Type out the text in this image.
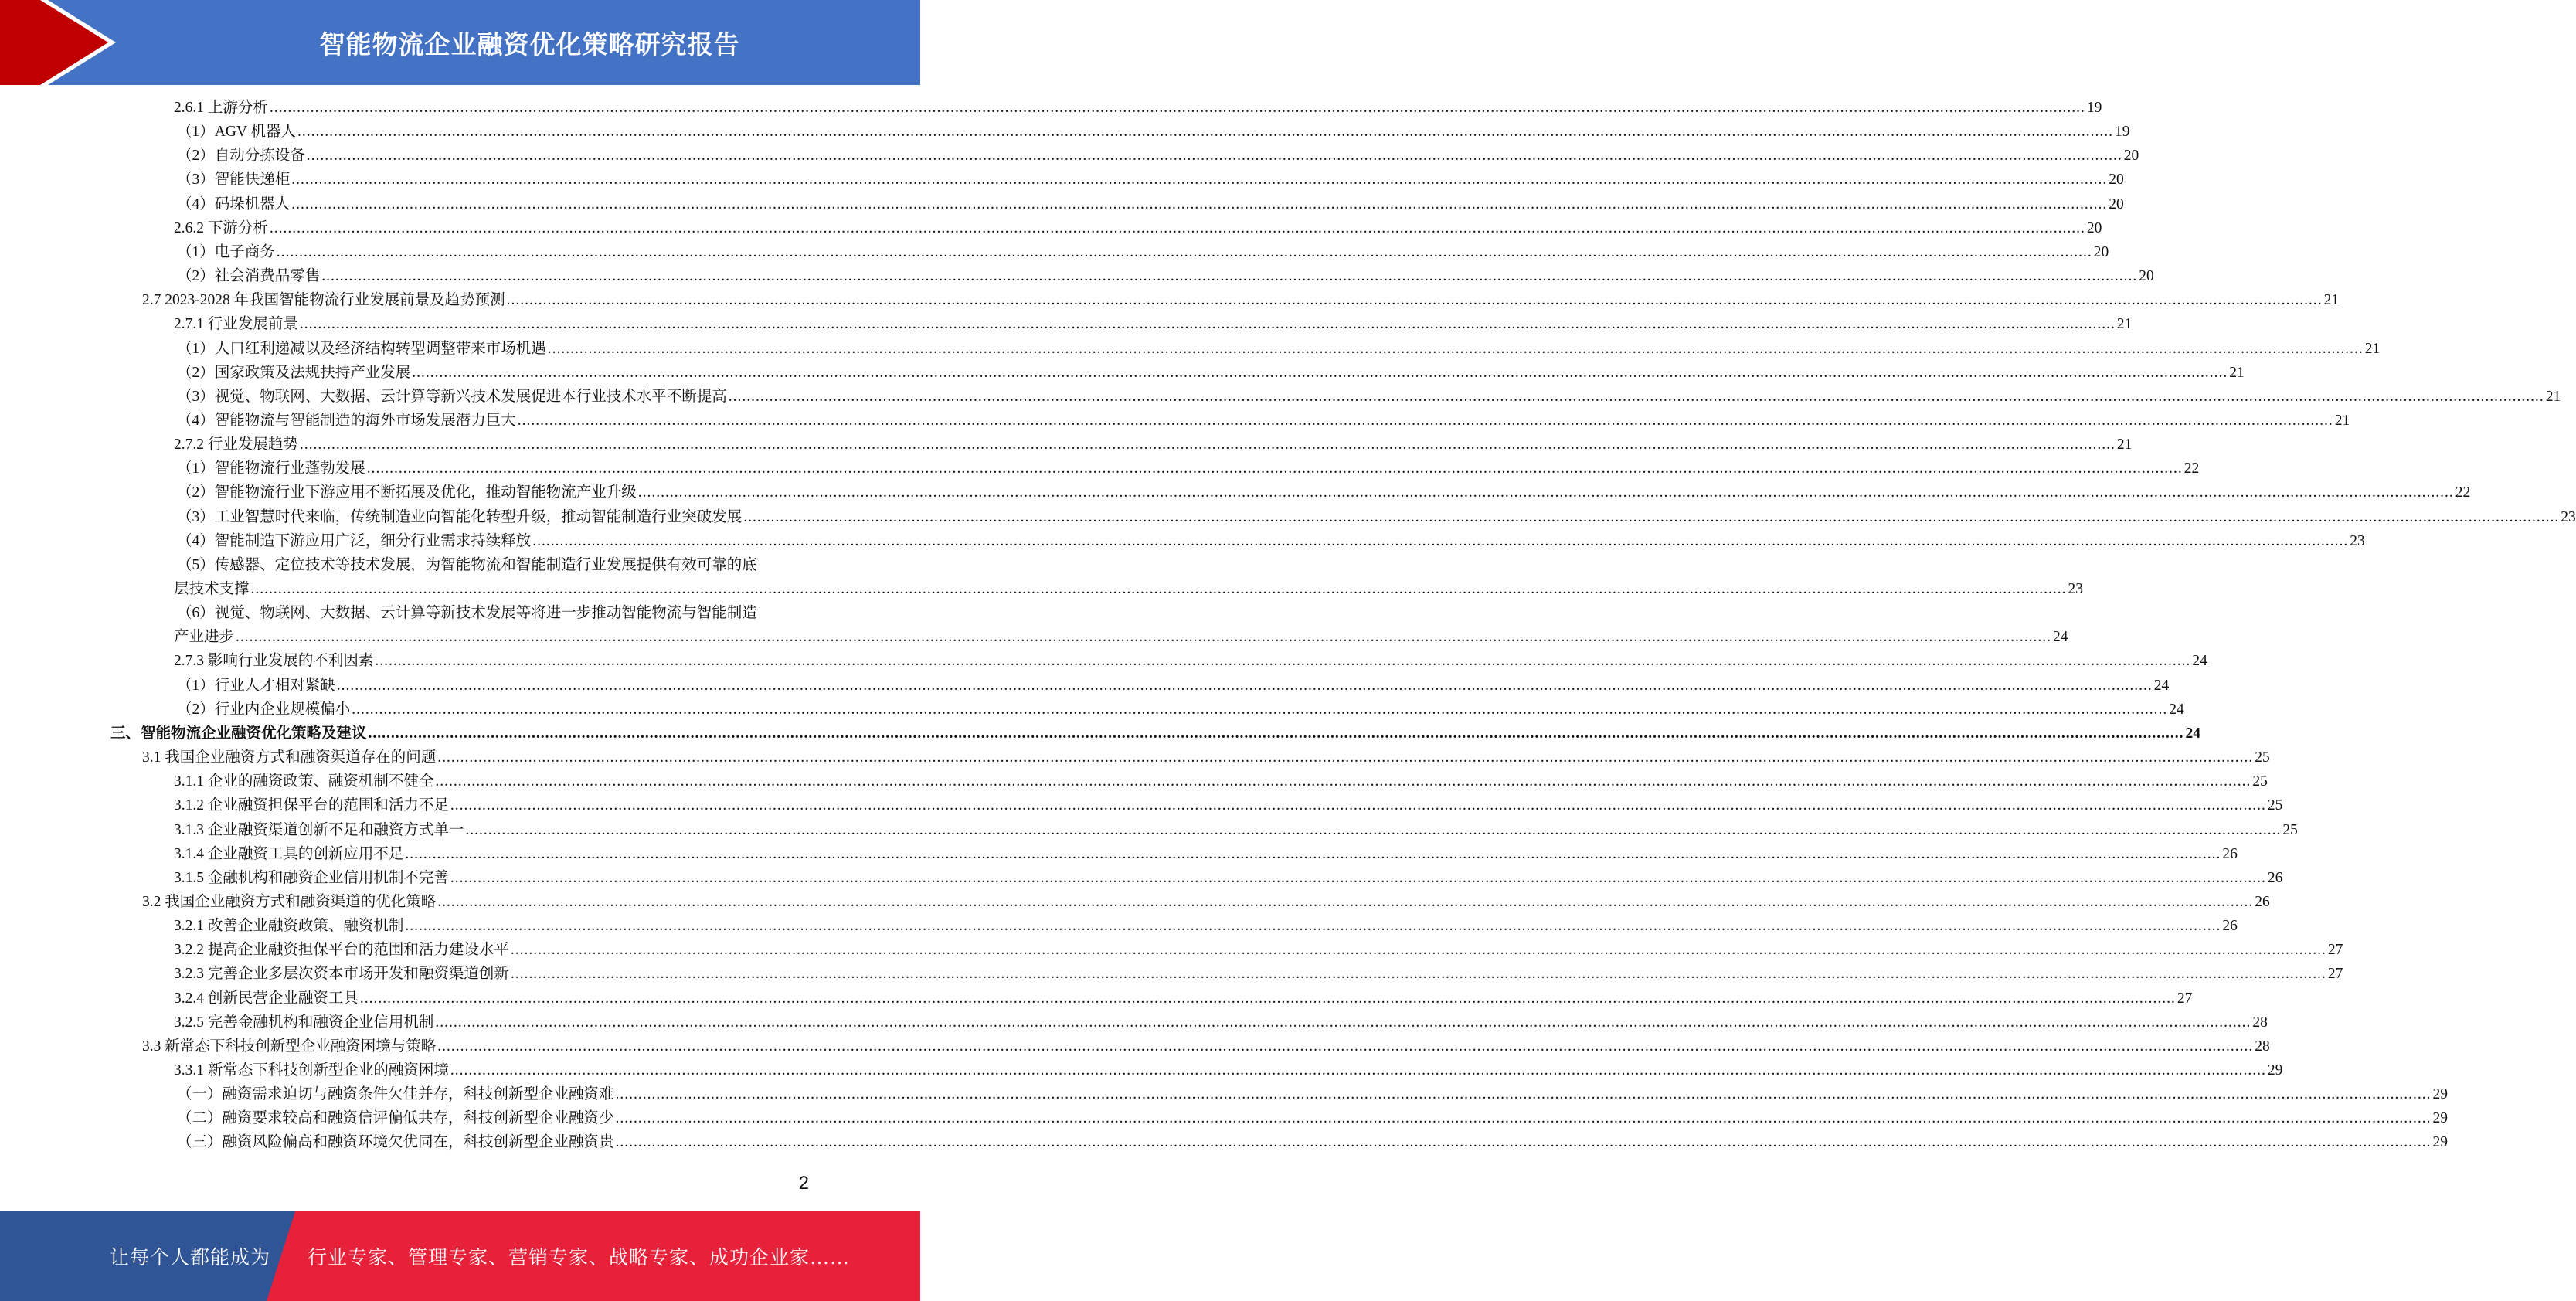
智能物流企业融资优化策略研究报告
2.6.1 上游分析 ................................................................................................................................................................................................................................................................................................................................................................................................................ 19
（1）AGV 机器人 ................................................................................................................................................................................................................................................................................................................................................................................................................ 19
（2）自动分拣设备 ................................................................................................................................................................................................................................................................................................................................................................................................................ 20
（3）智能快递柜 ................................................................................................................................................................................................................................................................................................................................................................................................................ 20
（4）码垛机器人 ................................................................................................................................................................................................................................................................................................................................................................................................................ 20
2.6.2 下游分析 ................................................................................................................................................................................................................................................................................................................................................................................................................ 20
（1）电子商务 ................................................................................................................................................................................................................................................................................................................................................................................................................ 20
（2）社会消费品零售 ................................................................................................................................................................................................................................................................................................................................................................................................................ 20
2.7 2023-2028 年我国智能物流行业发展前景及趋势预测 ................................................................................................................................................................................................................................................................................................................................................................................................................ 21
2.7.1 行业发展前景 ................................................................................................................................................................................................................................................................................................................................................................................................................ 21
（1）人口红利递减以及经济结构转型调整带来市场机遇 ................................................................................................................................................................................................................................................................................................................................................................................................................ 21
（2）国家政策及法规扶持产业发展 ................................................................................................................................................................................................................................................................................................................................................................................................................ 21
（3）视觉、物联网、大数据、云计算等新兴技术发展促进本行业技术水平不断提高 ................................................................................................................................................................................................................................................................................................................................................................................................................ 21
（4）智能物流与智能制造的海外市场发展潜力巨大 ................................................................................................................................................................................................................................................................................................................................................................................................................ 21
2.7.2 行业发展趋势 ................................................................................................................................................................................................................................................................................................................................................................................................................ 21
（1）智能物流行业蓬勃发展 ................................................................................................................................................................................................................................................................................................................................................................................................................ 22
（2）智能物流行业下游应用不断拓展及优化，推动智能物流产业升级 ................................................................................................................................................................................................................................................................................................................................................................................................................ 22
（3）工业智慧时代来临，传统制造业向智能化转型升级，推动智能制造行业突破发展 ................................................................................................................................................................................................................................................................................................................................................................................................................ 23
（4）智能制造下游应用广泛，细分行业需求持续释放 ................................................................................................................................................................................................................................................................................................................................................................................................................ 23
（5）传感器、定位技术等技术发展，为智能物流和智能制造行业发展提供有效可靠的底
层技术支撑 ................................................................................................................................................................................................................................................................................................................................................................................................................ 23
（6）视觉、物联网、大数据、云计算等新技术发展等将进一步推动智能物流与智能制造
产业进步 ................................................................................................................................................................................................................................................................................................................................................................................................................ 24
2.7.3 影响行业发展的不利因素 ................................................................................................................................................................................................................................................................................................................................................................................................................ 24
（1）行业人才相对紧缺 ................................................................................................................................................................................................................................................................................................................................................................................................................ 24
（2）行业内企业规模偏小 ................................................................................................................................................................................................................................................................................................................................................................................................................ 24
三、智能物流企业融资优化策略及建议 ................................................................................................................................................................................................................................................................................................................................................................................................................ 24
3.1 我国企业融资方式和融资渠道存在的问题 ................................................................................................................................................................................................................................................................................................................................................................................................................ 25
3.1.1 企业的融资政策、融资机制不健全 ................................................................................................................................................................................................................................................................................................................................................................................................................ 25
3.1.2 企业融资担保平台的范围和活力不足 ................................................................................................................................................................................................................................................................................................................................................................................................................ 25
3.1.3 企业融资渠道创新不足和融资方式单一 ................................................................................................................................................................................................................................................................................................................................................................................................................ 25
3.1.4 企业融资工具的创新应用不足 ................................................................................................................................................................................................................................................................................................................................................................................................................ 26
3.1.5 金融机构和融资企业信用机制不完善 ................................................................................................................................................................................................................................................................................................................................................................................................................ 26
3.2 我国企业融资方式和融资渠道的优化策略 ................................................................................................................................................................................................................................................................................................................................................................................................................ 26
3.2.1 改善企业融资政策、融资机制 ................................................................................................................................................................................................................................................................................................................................................................................................................ 26
3.2.2 提高企业融资担保平台的范围和活力建设水平 ................................................................................................................................................................................................................................................................................................................................................................................................................ 27
3.2.3 完善企业多层次资本市场开发和融资渠道创新 ................................................................................................................................................................................................................................................................................................................................................................................................................ 27
3.2.4 创新民营企业融资工具 ................................................................................................................................................................................................................................................................................................................................................................................................................ 27
3.2.5 完善金融机构和融资企业信用机制 ................................................................................................................................................................................................................................................................................................................................................................................................................ 28
3.3 新常态下科技创新型企业融资困境与策略 ................................................................................................................................................................................................................................................................................................................................................................................................................ 28
3.3.1 新常态下科技创新型企业的融资困境 ................................................................................................................................................................................................................................................................................................................................................................................................................ 29
（一）融资需求迫切与融资条件欠佳并存，科技创新型企业融资难 ................................................................................................................................................................................................................................................................................................................................................................................................................ 29
（二）融资要求较高和融资信评偏低共存，科技创新型企业融资少 ................................................................................................................................................................................................................................................................................................................................................................................................................ 29
（三）融资风险偏高和融资环境欠优同在，科技创新型企业融资贵 ................................................................................................................................................................................................................................................................................................................................................................................................................ 29
2
让每个人都能成为 行业专家、管理专家、营销专家、战略专家、成功企业家……
